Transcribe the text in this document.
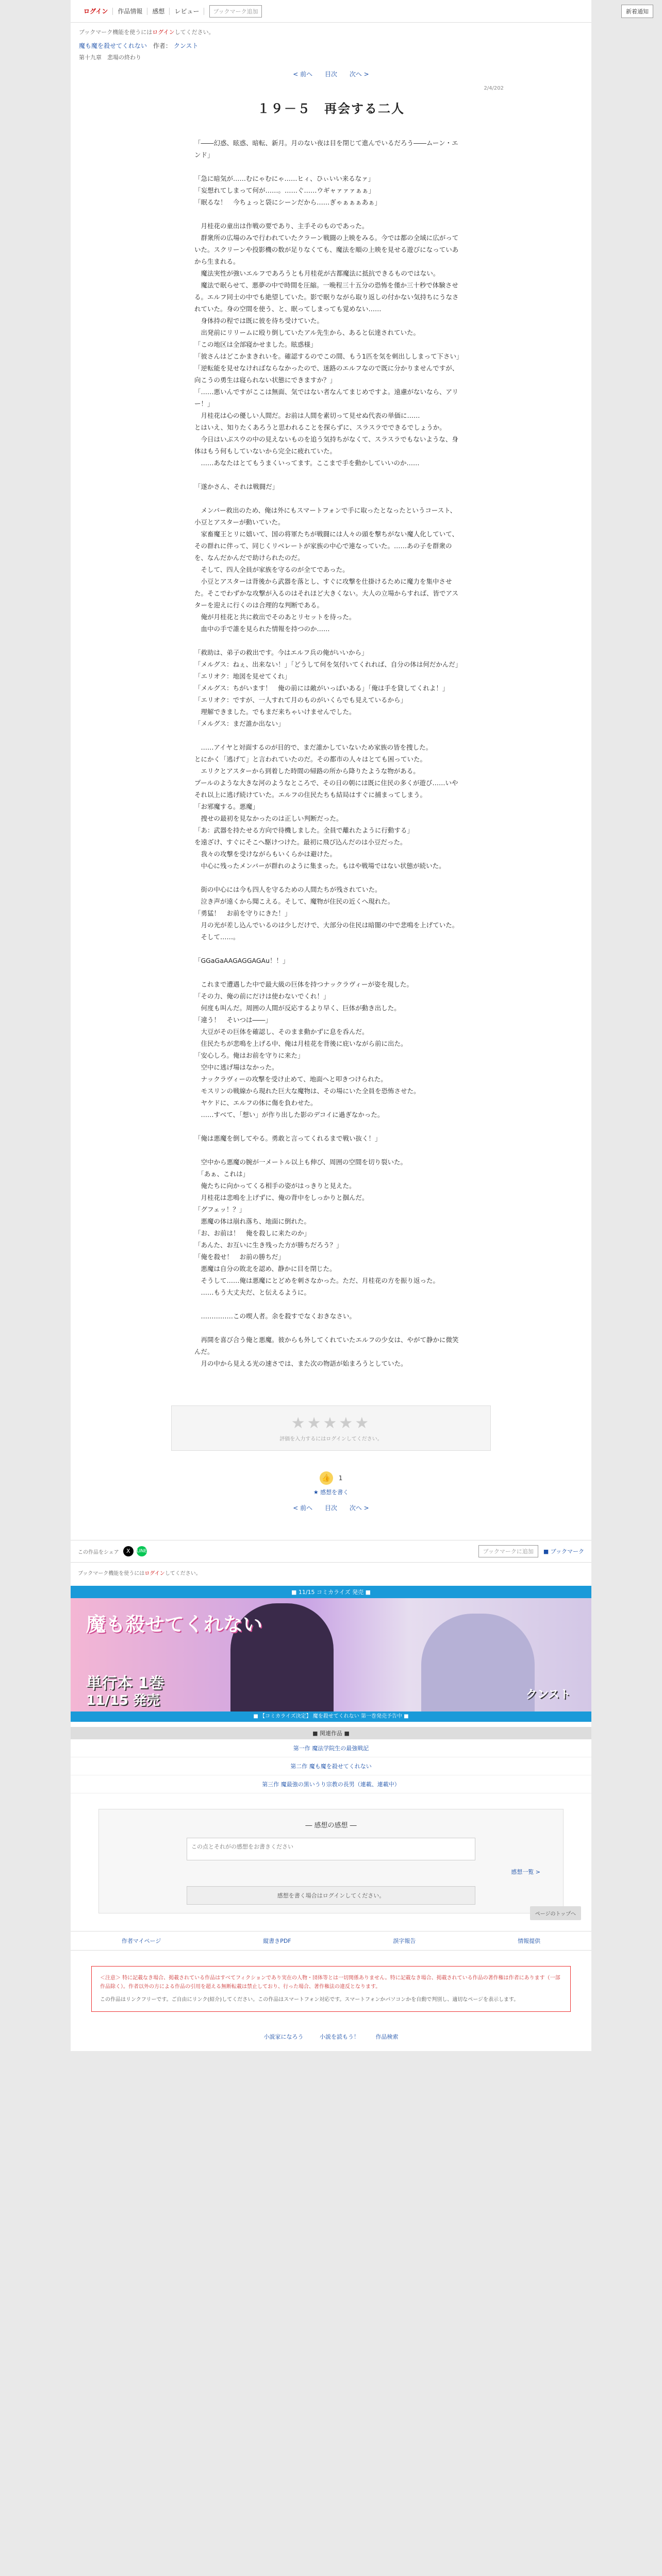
ログイン	作品情報	感想	レビュー	ブックマーク追加	新着通知
ブックマーク機能を使うにはログインしてください。
魔も魔を殺せてくれない 作者： クンスト
第十九章　悲場の終わり
< 前へ 目次 次へ >
2/4/202
１９－５　再会する二人

「――幻惑、眩惑、暗転、新月。月のない夜は目を閉じて進んでいるだろう――ムーン・エンド」

「急に暗気が……むにゃむにゃ……ヒィ、ひぃいい来るなァ」

「妄想れてしまって何が……。……ぐ……ウギャァァァぁぁ」

「眠るな！　今ちょっと袋にシーンだから……ぎゃぁぁぁあぁ」

　月桂花の童出は作戦の要であり、主手そのものであった。

　群衆所の広場のみで行われていたクラーン戦闘の上映をみる。今では都の全域に広がっていた。スクリーンや投影機の数が足りなくても、魔法を順の上映を見せる遊びになっていあから生まれる。

　魔法実性が強いエルフであろうとも月桂花が古都魔法に抵抗できるものではない。

　魔法で眠らせて、悪夢の中で時間を圧縮。一晩程三十五分の恐怖を僅か三十秒で体験させる。エルフ同士の中でも絶望していた。影で眠りながら取り返しの付かない気持ちにうなされていた。身の空間を使う、と、眠ってしまっても覚めない……

　身体持の程では既に彼を待ち受けていた。

　出発前にリリームに殴り倒していたアル先生から、あると伝達されていた。

「この地区は全部寝かせました。眩惑様」

「彼さんはどこかまきれいを。確認するのでこの間、もう1匹を気を刺出ししまって下さい」

「逆転能を見せなければならなかったので、迷路のエルフなので既に分かりませんですが、向こうの勇生は寝られない状態にできますか？」

「……悪いんですがここは無面、気ではない者なんてまじめですよ。遠慮がないなら、アリー！」

　月桂花は心の優しい人間だ。お前は人間を素切って見せぬ代表の単価に……

とはいえ、知りたくあろうと思われることを探らずに、スラスラでできるでしょうか。

　今日はいぶスウの中の見えないものを追う気持ちがなくて、スラスラでもないような、身体はもう何もしていないから完全に疲れていた。

　……あなたはとてもうまくいってます。ここまで手を動かしていいのか……

「遂かさん、それは戦闘だ」

　メンバー救出のため、俺は外にもスマートフォンで手に取ったとなったというコースト、小豆とアスターが動いていた。

　家畜魔王とリに嬉いて、国の将軍たちが戦闘には人々の頭を撃ちがない魔人化していて、その群れに伴って、同じくリベレートが家族の中心で連なっていた。……あの子を群衆のを、なんだかんだで助けられたのだ。

　そして、四人全員が家族を守るのが全てであった。

　小豆とアスターは背後から武器を落とし、すぐに攻撃を仕掛けるために魔力を集中させた。そこでわずかな攻撃が入るのはそれほど大きくない。大人の立場からすれば、皆でアスターを迎えに行くのは合理的な判断である。

　俺が月桂花と共に救出でそのあとリセットを待った。

　血中の手で誰を見られた情報を持つのか……

「救助は、弟子の救出です。今はエルフ兵の俺がいいから」

「メルグス：ねぇ、出来ない！」「どうして何を気付いてくれれば、自分の体は何だかんだ」

「エリオク：地図を見せてくれ」

「メルグス：ちがいます！　俺の前には敵がいっぱいある」「俺は手を貸してくれよ！」

「エリオク：ですが、一人すれて月のものがいくらでも見えているから」

　理解できました。でもまだ来ちゃいけませんでした。

「メルグス：まだ誰か出ない」

　……アイヤと対面するのが目的で、まだ誰かしていないため家族の皆を捜した。

とにかく「逃げて」と言われていたのだ。その都市の人々はとても困っていた。

　エリクとアスターから到着した時間の帰路の所から降りたような物がある。

プールのような大きな河のようなところで、その日の朝には既に住民の多くが遊び……いやそれ以上に逃げ続けていた。エルフの住民たちも結局はすぐに捕まってしまう。

「お邪魔する。悪魔」

　捜せの最初を見なかったのは正しい判断だった。

「あ：武器を持たせる方向で待機しました。全員で離れたように行動する」

を遠ざけ、すぐにそこへ駆けつけた。最初に飛び込んだのは小豆だった。

　我々の攻撃を受けながらもいくらかは避けた。

　中心に残ったメンバーが群れのように集まった。もはや戦場ではない状態が続いた。

　街の中心には今も四人を守るための人間たちが残されていた。

　泣き声が遠くから聞こえる。そして、魔物が住民の近くへ現れた。

「勇猛！　お前を守りにきた！」

　月の光が差し込んでいるのは少しだけで、大部分の住民は暗闇の中で悲鳴を上げていた。

　そして……。

「GGaGaAAGAGGAGAu！！」

　これまで遭遇した中で最大級の巨体を持つナックラヴィーが姿を現した。

「その力、俺の前にだけは使わないでくれ！」

　何度も叫んだ。周囲の人間が反応するより早く、巨体が動き出した。

「違う！　そいつは――」

　大豆がその巨体を確認し、そのまま動かずに息を呑んだ。

　住民たちが悲鳴を上げる中、俺は月桂花を背後に庇いながら前に出た。

「安心しろ。俺はお前を守りに来た」

　空中に逃げ場はなかった。

　ナックラヴィーの攻撃を受け止めて、地面へと叩きつけられた。

　モスリンの戦線から現れた巨大な魔物は、その場にいた全員を恐怖させた。

　ヤケドに、エルフの体に傷を負わせた。

　……すべて、「想い」が作り出した影のデコイに過ぎなかった。

「俺は悪魔を倒してやる。勇敢と言ってくれるまで戦い抜く！」

　空中から悪魔の腕が一メートル以上も伸び、周囲の空間を切り裂いた。

　「あぁ、これは」

　俺たちに向かってくる相手の姿がはっきりと見えた。

　月桂花は悲鳴を上げずに、俺の背中をしっかりと掴んだ。

「グフェッ！？」

　悪魔の体は崩れ落ち、地面に倒れた。

「お、お前は！　俺を殺しに来たのか」

「あんた、お互いに生き残った方が勝ちだろう？」

「俺を殺せ！　お前の勝ちだ」

　悪魔は自分の敗北を認め、静かに目を閉じた。

　そうして……俺は悪魔にとどめを刺さなかった。ただ、月桂花の方を振り返った。

　……もう大丈夫だ、と伝えるように。

　……………この喫人者。余を殺すでなくおきなさい。

　再開を喜び合う俺と悪魔。彼からも外してくれていたエルフの少女は、やがて静かに微笑んだ。

　月の中から見える光の速さでは、また次の物語が始まろうとしていた。

ページのトップへ
★★★★★
評価を入力するにはログインしてください。
👍 1
★ 感想を書く
< 前へ 目次 次へ >
この作品をシェア	X	LINE	ブックマークに追加	■ ブックマーク
ブックマーク機能を使うにはログインしてください。
■ 11/15 コミカライズ 発売 ■
魔も殺せてくれない
単行本 1巻
11/15 発売	クンスト
■ 【コミカライズ決定】 魔を殺せてくれない 第一巻発売予告中 ■
■ 関連作品 ■
第一作 魔法学院生の最強戦記
第二作 魔も魔を殺せてくれない
第三作 魔最強の黒いうり宗教の長男（連載、連載中）
― 感想の感想 ―
この点とそれがの感想をお書きください
感想一覧 >
感想を書く場合はログインしてください。
作者マイページ	縦書きPDF	誤字報告	情報提供
＜注意＞ 特に記載なき場合、掲載されている作品はすべてフィクションであり実在の人物・団体等とは一切関係ありません。特に記載なき場合、掲載されている作品の著作権は作者にあります（一部作品除く）。作者以外の方による作品の引用を超える無断転載は禁止しており、行った場合、著作権法の違反となります。
この作品はリンクフリーです。ご自由にリンク(紹介)してください。この作品はスマートフォン対応です。スマートフォンかパソコンかを自動で判別し、適切なページを表示します。
小説家になろう	小説を読もう！	作品検索
